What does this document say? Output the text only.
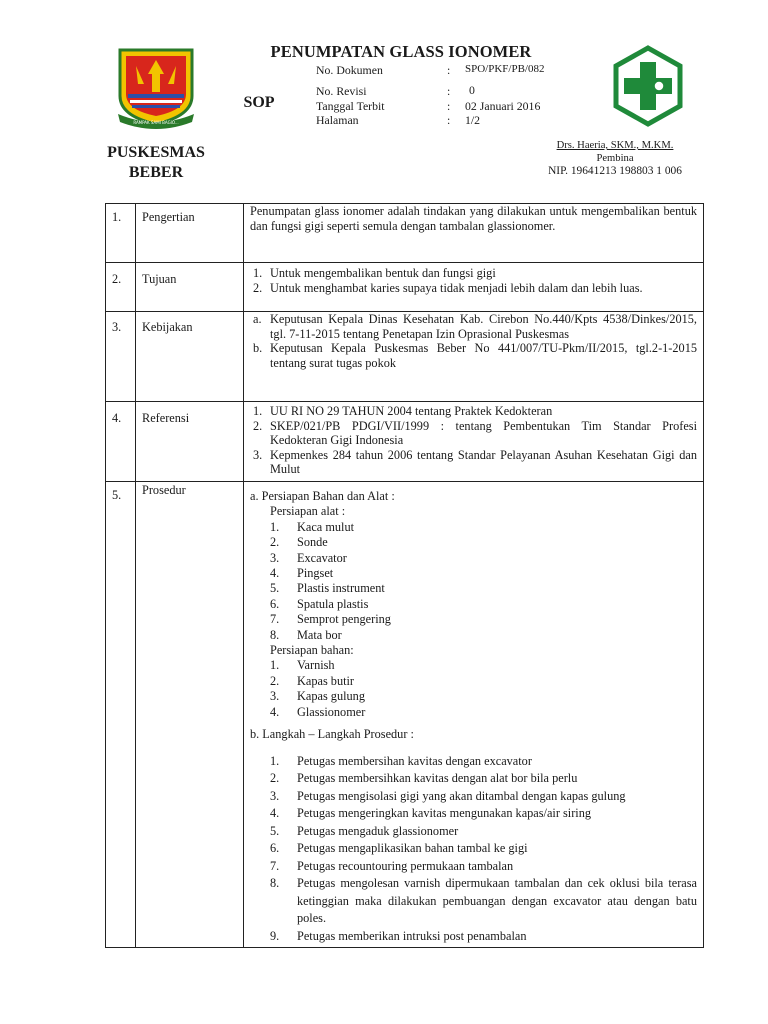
RAMPAK SAMI BAGIO...
PENUMPATAN GLASS IONOMER
SOP
No. Dokumen	: SPO/PKF/PB/082
No. Revisi	: 0
Tanggal Terbit	: 02 Januari 2016
Halaman	: 1/2
PUSKESMAS
BEBER
Drs. Haeria, SKM., M.KM.
Pembina
NIP. 19641213 198803 1 006
1. Pengertian	Penumpatan glass ionomer adalah tindakan yang dilakukan untuk mengembalikan bentuk dan fungsi gigi seperti semula dengan tambalan glassionomer.
2. Tujuan	1. Untuk mengembalikan bentuk dan fungsi gigi
2. Untuk menghambat karies supaya tidak menjadi lebih dalam dan lebih luas.
3. Kebijakan
a. Keputusan Kepala Dinas Kesehatan Kab. Cirebon No.440/Kpts 4538/Dinkes/2015, tgl. 7-11-2015 tentang Penetapan Izin Oprasional Puskesmas
b. Keputusan Kepala Puskesmas Beber No 441/007/TU-Pkm/II/2015, tgl.2-1-2015 tentang surat tugas pokok
4. Referensi	1. UU RI NO 29 TAHUN 2004 tentang Praktek Kedokteran
2. SKEP/021/PB PDGI/VII/1999 : tentang Pembentukan Tim Standar Profesi Kedokteran Gigi Indonesia
3. Kepmenkes 284 tahun 2006 tentang Standar Pelayanan Asuhan Kesehatan Gigi dan Mulut
5. Prosedur	a. Persiapan Bahan dan Alat :
Persiapan alat :
1. Kaca mulut
2. Sonde
3. Excavator
4. Pingset
5. Plastis instrument
6. Spatula plastis
7. Semprot pengering
8. Mata bor
Persiapan bahan:
1. Varnish
2. Kapas butir
3. Kapas gulung
4. Glassionomer
b. Langkah – Langkah Prosedur :
1. Petugas membersihan kavitas dengan excavator
2. Petugas membersihkan kavitas dengan alat bor bila perlu
3. Petugas mengisolasi gigi yang akan ditambal dengan kapas gulung
4. Petugas mengeringkan kavitas mengunakan kapas/air siring
5. Petugas mengaduk glassionomer
6. Petugas mengaplikasikan bahan tambal ke gigi
7. Petugas recountouring permukaan tambalan
8. Petugas mengolesan varnish dipermukaan tambalan dan cek oklusi bila terasa ketinggian maka dilakukan pembuangan dengan excavator atau dengan batu poles.
9. Petugas memberikan intruksi post penambalan
